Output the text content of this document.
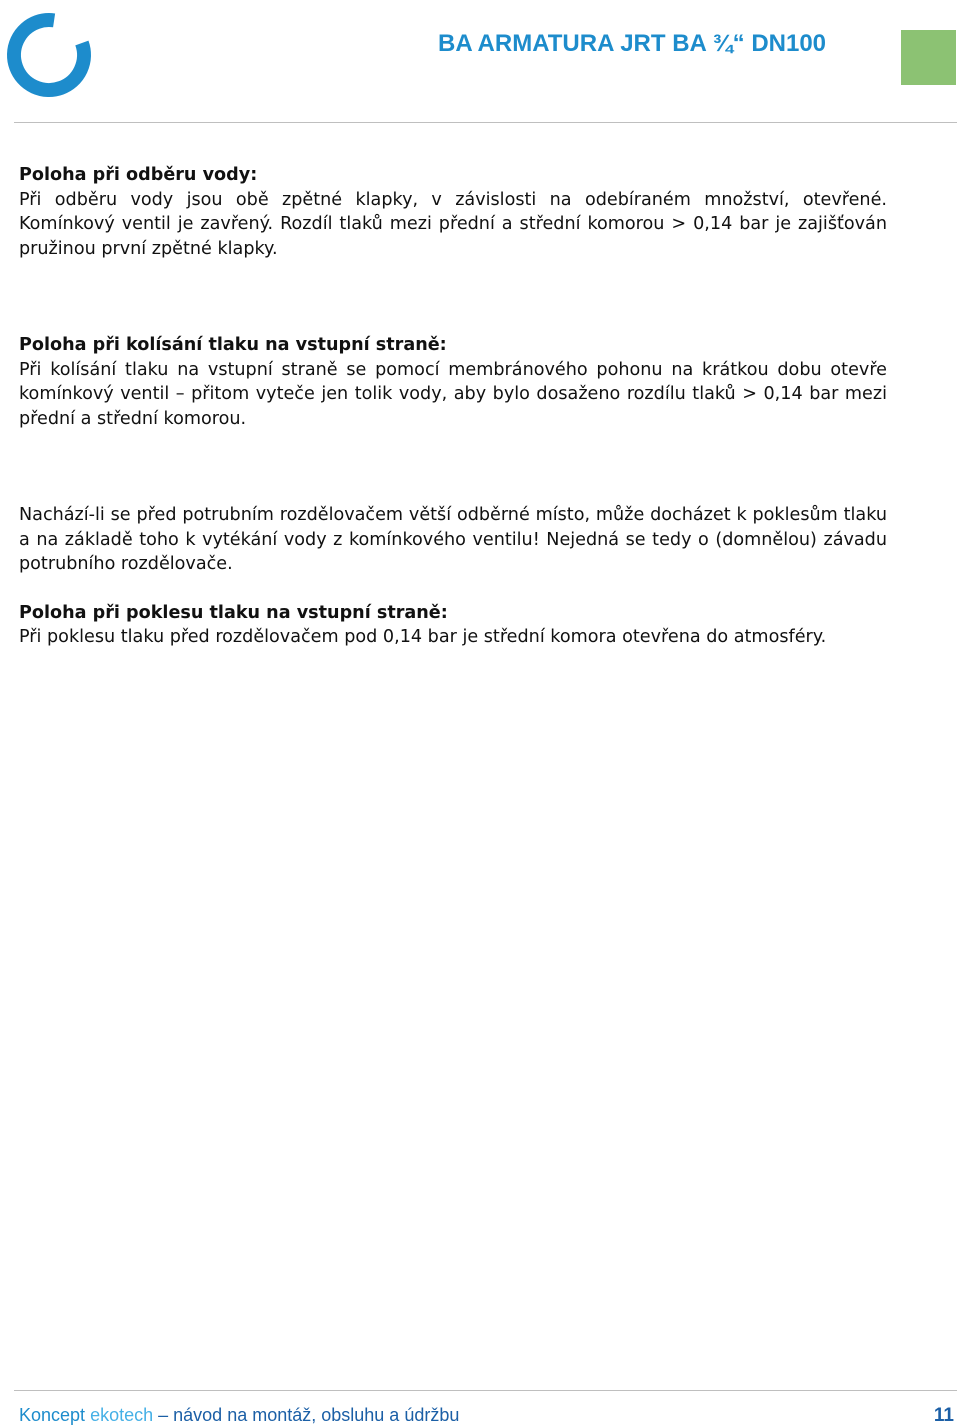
BA ARMATURA JRT BA ¾“ DN100
Poloha při odběru vody:
Při odběru vody jsou obě zpětné klapky, v závislosti na odebíraném množství, otevřené. Komínkový ventil je zavřený. Rozdíl tlaků mezi přední a střední komorou > 0,14 bar je zajišťován pružinou první zpětné klapky.
Poloha při kolísání tlaku na vstupní straně:
Při kolísání tlaku na vstupní straně se pomocí membránového pohonu na krátkou dobu otevře komínkový ventil – přitom vyteče jen tolik vody, aby bylo dosaženo rozdílu tlaků > 0,14 bar mezi přední a střední komorou.
Nachází-li se před potrubním rozdělovačem větší odběrné místo, může docházet k poklesům tlaku a na základě toho k vytékání vody z komínkového ventilu! Nejedná se tedy o (domnělou) závadu potrubního rozdělovače.
Poloha při poklesu tlaku na vstupní straně:
Při poklesu tlaku před rozdělovačem pod 0,14 bar je střední komora otevřena do atmosféry.
Koncept ekotech – návod na montáž, obsluhu a údržbu	11
